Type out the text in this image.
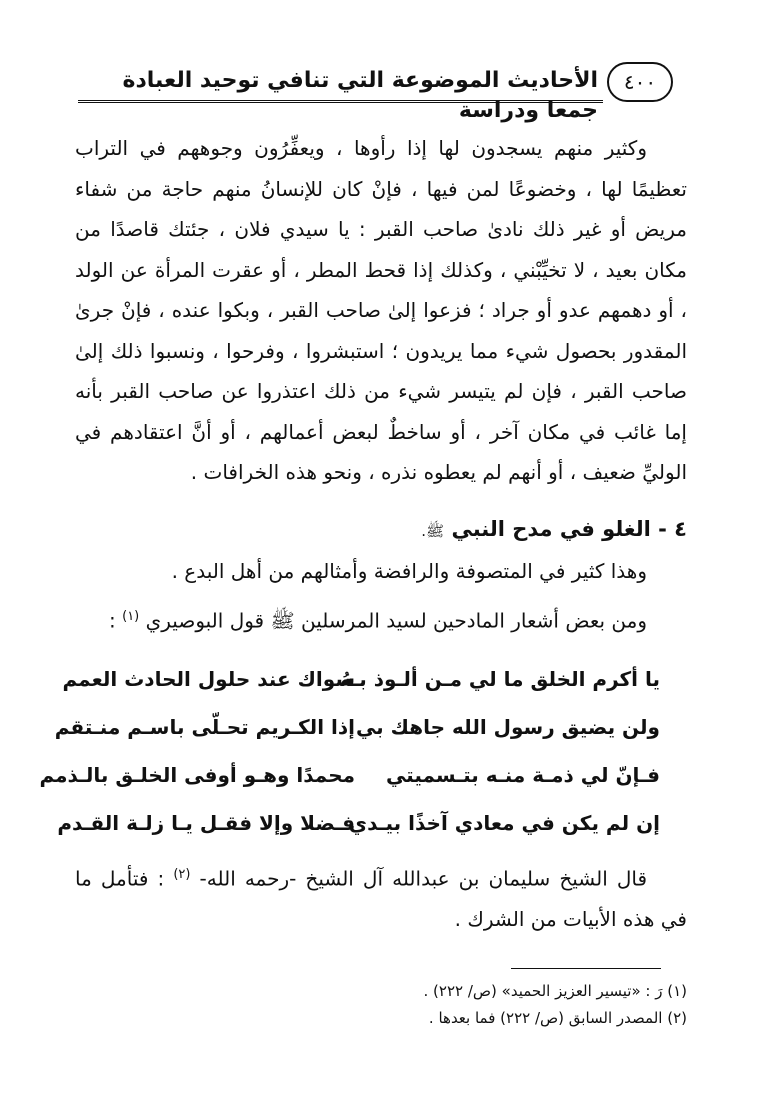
الأحاديث الموضوعة التي تنافي توحيد العبادة جمعا ودراسة
٤٠٠

وكثير منهم يسجدون لها إذا رأوها ، ويعفِّرُون وجوههم في التراب تعظيمًا لها ، وخضوعًا لمن فيها ، فإنْ كان للإنسانُ منهم حاجة من شفاء مريض أو غير ذلك نادىٰ صاحب القبر : يا سيدي فلان ، جئتك قاصدًا من مكان بعيد ، لا تخيِّبْني ، وكذلك إذا قحط المطر ، أو عقرت المرأة عن الولد ، أو دهمهم عدو أو جراد ؛ فزعوا إلىٰ صاحب القبر ، وبكوا عنده ، فإنْ جرىٰ المقدور بحصول شيء مما يريدون ؛ استبشروا ، وفرحوا ، ونسبوا ذلك إلىٰ صاحب القبر ، فإن لم يتيسر شيء من ذلك اعتذروا عن صاحب القبر بأنه إما غائب في مكان آخر ، أو ساخطٌ لبعض أعمالهم ، أو أنَّ اعتقادهم في الوليِّ ضعيف ، أو أنهم لم يعطوه نذره ، ونحو هذه الخرافات .

٤ - الغلو في مدح النبي ﷺ.

وهذا كثير في المتصوفة والرافضة وأمثالهم من أهل البدع .

ومن بعض أشعار المادحين لسيد المرسلين ﷺ قول البوصيري $^{(١)}$ :

يا أكرم الخلق ما لي مـن ألـوذ بـهُ
سواك عند حلول الحادث العمم
ولن يضيق رسول الله جاهك بي
إذا الكـريم تحـلّى باسـم منـتقم
فـإنّ لي ذمـة منـه بتـسميتي
محمدًا وهـو أوفى الخلـق بالـذمم
إن لم يكن في معادي آخذًا بيـدي
فـضلا وإلا فقـل يـا زلـة القـدم

قال الشيخ سليمان بن عبدالله آل الشيخ -رحمه الله- $^{(٢)}$ : فتأمل ما في هذه الأبيات من الشرك .

(١) رَ : «تيسير العزيز الحميد» (ص/ ٢٢٢) .
(٢) المصدر السابق (ص/ ٢٢٢) فما بعدها .
